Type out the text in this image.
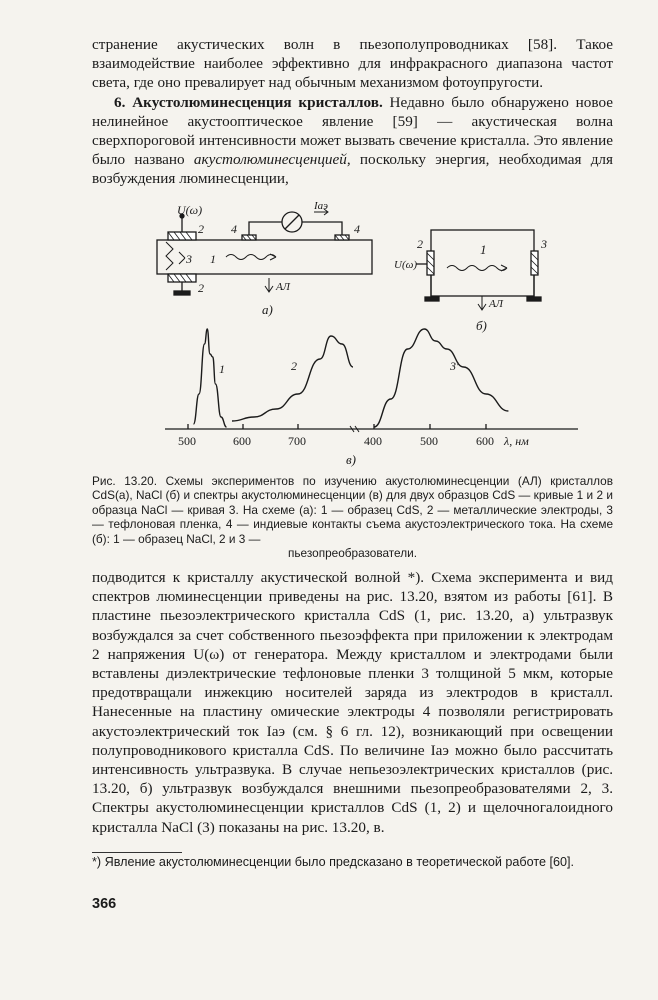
странение акустических волн в пьезополупроводниках [58]. Такое взаимодействие наиболее эффективно для инфракрасного диапазона частот света, где оно превалирует над обычным механизмом фотоупругости.

6. Акустолюминесценция кристаллов. Недавно было обнаружено новое нелинейное акустооптическое явление [59] — акустическая волна сверхпороговой интенсивности может вызвать свечение кристалла. Это явление было названо акустолюминесценцией, поскольку энергия, необходимая для возбуждения люминесценции,

U(ω)
2
2
3 1
4	4
Iаэ
АЛ
а)
2	3
1
U(ω)
АЛ
б)
1	2	3'
500	600	700	400	500	600 λ, нм
в)
Рис. 13.20. Схемы экспериментов по изучению акустолюминесценции (АЛ) кристаллов CdS(а), NaCl (б) и спектры акустолюминесценции (в) для двух образцов CdS — кривые 1 и 2 и образца NaCl — кривая 3. На схеме (а): 1 — образец CdS, 2 — металлические электроды, 3 — тефлоновая пленка, 4 — индиевые контакты съема акустоэлектрического тока. На схеме (б): 1 — образец NaCl, 2 и 3 —
пьезопреобразователи.

подводится к кристаллу акустической волной *). Схема эксперимента и вид спектров люминесценции приведены на рис. 13.20, взятом из работы [61]. В пластине пьезоэлектрического кристалла CdS (1, рис. 13.20, а) ультразвук возбуждался за счет собственного пьезоэффекта при приложении к электродам 2 напряжения U(ω) от генератора. Между кристаллом и электродами были вставлены диэлектрические тефлоновые пленки 3 толщиной 5 мкм, которые предотвращали инжекцию носителей заряда из электродов в кристалл. Нанесенные на пластину омические электроды 4 позволяли регистрировать акустоэлектрический ток Iаэ (см. § 6 гл. 12), возникающий при освещении полупроводникового кристалла CdS. По величине Iаэ можно было рассчитать интенсивность ультразвука. В случае непьезоэлектрических кристаллов (рис. 13.20, б) ультразвук возбуждался внешними пьезопреобразователями 2, 3. Спектры акустолюминесценции кристаллов CdS (1, 2) и щелочногалоидного кристалла NaCl (3) показаны на рис. 13.20, в.

*) Явление акустолюминесценции было предсказано в теоретической работе [60].
366
